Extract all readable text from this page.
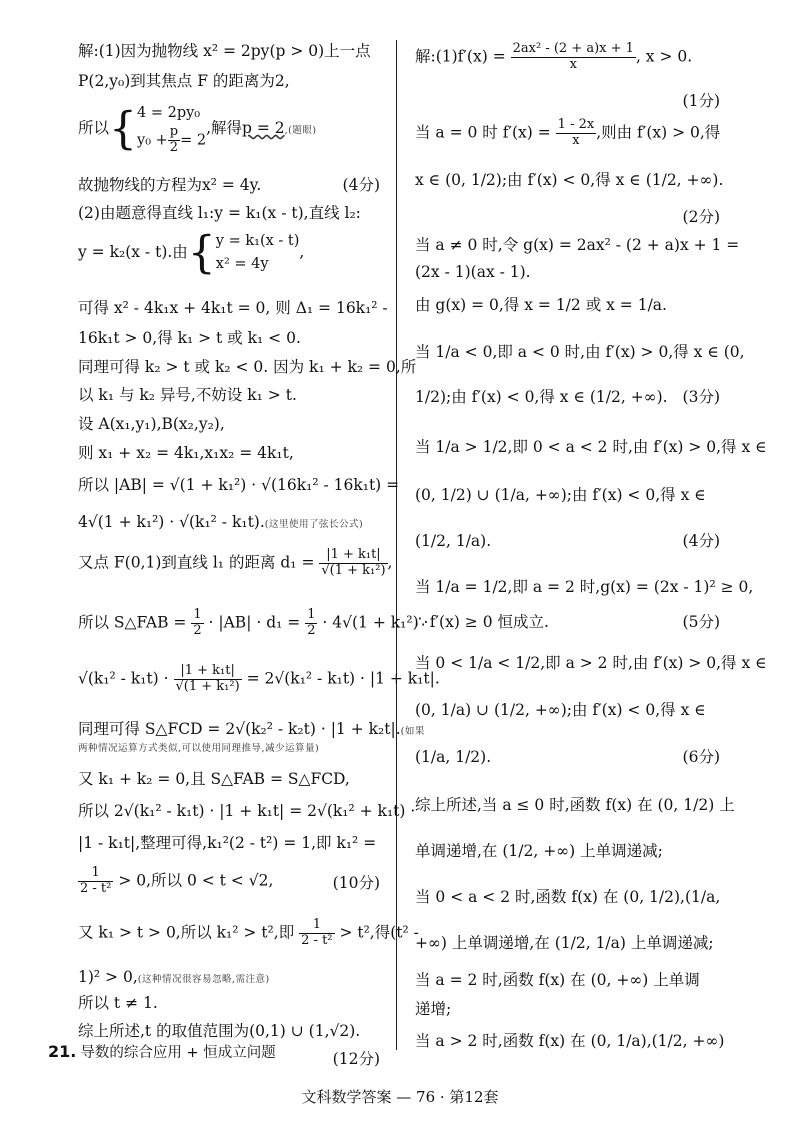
解:(1)因为抛物线 x² = 2py(p > 0)上一点
P(2,y₀)到其焦点 F 的距离为2,
所以{ 4 = 2py₀
$y_0 + \frac{p}{2} = 2$
,解得p = 2,(题眼)
故抛物线的方程为x² = 4y.	(4分)
(2)由题意得直线 l₁:y = k₁(x - t),直线 l₂:
y = k₂(x - t).由{ y = k₁(x - t)
x² = 4y
,
可得 x² - 4k₁x + 4k₁t = 0, 则 Δ₁ = 16k₁² -
16k₁t > 0,得 k₁ > t 或 k₁ < 0.
同理可得 k₂ > t 或 k₂ < 0. 因为 k₁ + k₂ = 0,所
以 k₁ 与 k₂ 异号,不妨设 k₁ > t.
设 A(x₁,y₁),B(x₂,y₂),
则 x₁ + x₂ = 4k₁,x₁x₂ = 4k₁t,
所以 |AB| = √(1 + k₁²) · √(16k₁² - 16k₁t) =
4√(1 + k₁²) · √(k₁² - k₁t).(这里使用了弦长公式)
又点 F(0,1)到直线 l₁ 的距离 $d_1 = \frac{\text{|1 + k₁t|}}{\text{√(1 + k₁²)}}$ ,
所以 S△FAB = $\frac{1}{2} \cdot |AB| \cdot d_1 = \frac{1}{2} \cdot 4√(1 + k_1^2)$ ·
$√(k_1^2 - k_1t) \cdot \frac{\text{|1 + k₁t|}}{\text{√(1 + k₁²)}} = 2√(k_1^2 - k_1t) \cdot |1 + k_1t|$.
同理可得 S△FCD = 2√(k₂² - k₂t) · |1 + k₂t|.(如果
两种情况运算方式类似,可以使用同理推导,减少运算量)
又 k₁ + k₂ = 0,且 S△FAB = S△FCD,
所以 2√(k₁² - k₁t) · |1 + k₁t| = 2√(k₁² + k₁t) ·
|1 - k₁t|,整理可得,k₁²(2 - t²) = 1,即 k₁² =
$\frac{1}{\text{2 - t²}} > 0$,所以 0 < t < √2,	(10分)
又 k₁ > t > 0,所以 k₁² > t²,即 $\frac{1}{\text{2 - t²}} > t^2$,得(t² -
1)² > 0,(这种情况很容易忽略,需注意)
所以 t ≠ 1.
综上所述,t 的取值范围为(0,1) ∪ (1,√2).
(12分)
解:(1)f′(x) = $\frac{\text{2ax² - (2 + a)x + 1}}{x}$ , x > 0.
(1分)
当 a = 0 时 $f'(x) = \frac{1 - 2x}{x}$ ,则由 f′(x) > 0,得
x ∈ (0, 1/2);由 f′(x) < 0,得 x ∈ (1/2, +∞).
(2分)
当 a ≠ 0 时,令 g(x) = 2ax² - (2 + a)x + 1 =
(2x - 1)(ax - 1).
由 g(x) = 0,得 x = 1/2 或 x = 1/a.
当 1/a < 0,即 a < 0 时,由 f′(x) > 0,得 x ∈ (0,
1/2);由 f′(x) < 0,得 x ∈ (1/2, +∞). (3分)
当 1/a > 1/2,即 0 < a < 2 时,由 f′(x) > 0,得 x ∈
(0, 1/2) ∪ (1/a, +∞);由 f′(x) < 0,得 x ∈
(1/2, 1/a).	(4分)
当 1/a = 1/2,即 a = 2 时,g(x) = (2x - 1)² ≥ 0,
∴ f′(x) ≥ 0 恒成立.	(5分)
当 0 < 1/a < 1/2,即 a > 2 时,由 f′(x) > 0,得 x ∈
(0, 1/a) ∪ (1/2, +∞);由 f′(x) < 0,得 x ∈
(1/a, 1/2).	(6分)
综上所述,当 a ≤ 0 时,函数 f(x) 在 (0, 1/2) 上
单调递增,在 (1/2, +∞) 上单调递减;
当 0 < a < 2 时,函数 f(x) 在 (0, 1/2),(1/a,
+∞) 上单调递增,在 (1/2, 1/a) 上单调递减;
当 a = 2 时,函数 f(x) 在 (0, +∞) 上单调
递增;
当 a > 2 时,函数 f(x) 在 (0, 1/a),(1/2, +∞)
21. 导数的综合应用 + 恒成立问题
文科数学答案 — 76 · 第12套
